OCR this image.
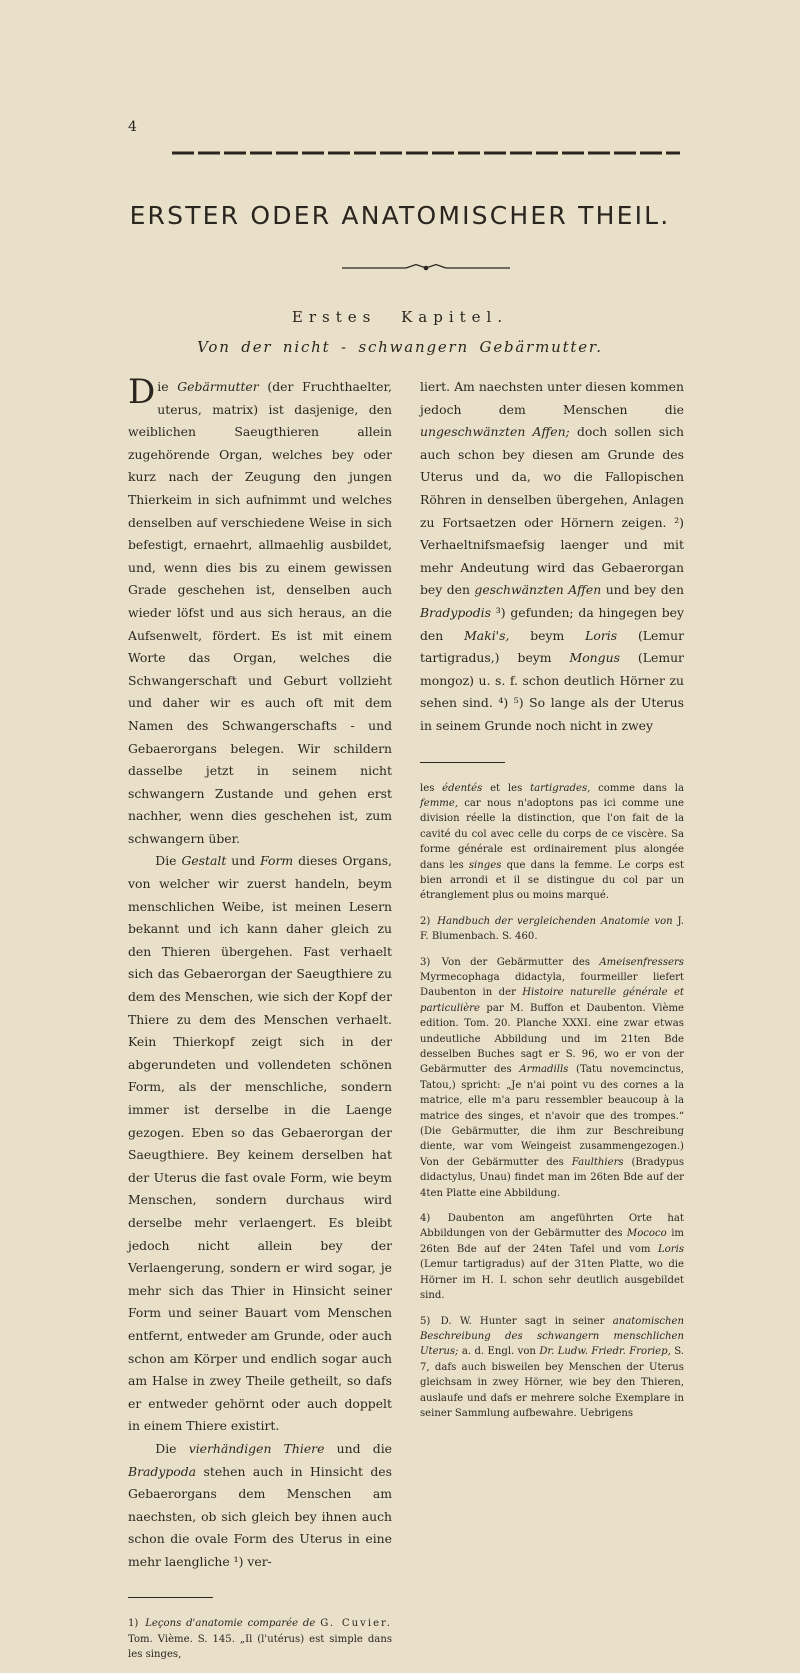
4
ERSTER ODER ANATOMISCHER THEIL.
Erstes Kapitel.
Von der nicht - schwangern Gebärmutter.

Die Gebärmutter (der Fruchthaelter, uterus, matrix) ist dasjenige, den weiblichen Saeugthieren allein zugehörende Organ, welches bey oder kurz nach der Zeugung den jungen Thierkeim in sich aufnimmt und welches denselben auf verschiedene Weise in sich befestigt, ernaehrt, allmaehlig ausbildet, und, wenn dies bis zu einem gewissen Grade geschehen ist, denselben auch wieder löfst und aus sich heraus, an die Aufsenwelt, fördert. Es ist mit einem Worte das Organ, welches die Schwangerschaft und Geburt vollzieht und daher wir es auch oft mit dem Namen des Schwangerschafts - und Gebaerorgans belegen. Wir schildern dasselbe jetzt in seinem nicht schwangern Zustande und gehen erst nachher, wenn dies geschehen ist, zum schwangern über.

Die Gestalt und Form dieses Organs, von welcher wir zuerst handeln, beym menschlichen Weibe, ist meinen Lesern bekannt und ich kann daher gleich zu den Thieren übergehen. Fast verhaelt sich das Gebaerorgan der Saeugthiere zu dem des Menschen, wie sich der Kopf der Thiere zu dem des Menschen verhaelt. Kein Thierkopf zeigt sich in der abgerundeten und vollendeten schönen Form, als der menschliche, sondern immer ist derselbe in die Laenge gezogen. Eben so das Gebaerorgan der Saeugthiere. Bey keinem derselben hat der Uterus die fast ovale Form, wie beym Menschen, sondern durchaus wird derselbe mehr verlaengert. Es bleibt jedoch nicht allein bey der Verlaengerung, sondern er wird sogar, je mehr sich das Thier in Hinsicht seiner Form und seiner Bauart vom Menschen entfernt, entweder am Grunde, oder auch schon am Körper und endlich sogar auch am Halse in zwey Theile getheilt, so dafs er entweder gehörnt oder auch doppelt in einem Thiere existirt.

Die vierhändigen Thiere und die Bradypoda stehen auch in Hinsicht des Gebaerorgans dem Menschen am naechsten, ob sich gleich bey ihnen auch schon die ovale Form des Uterus in eine mehr laengliche ¹) ver-

1) Leçons d'anatomie comparée de G. Cuvier. Tom. Vième. S. 145. „Il (l'utérus) est simple dans les singes,

liert. Am naechsten unter diesen kommen jedoch dem Menschen die ungeschwänzten Affen; doch sollen sich auch schon bey diesen am Grunde des Uterus und da, wo die Fallopischen Röhren in denselben übergehen, Anlagen zu Fortsaetzen oder Hörnern zeigen. ²) Verhaeltnifsmaefsig laenger und mit mehr Andeutung wird das Gebaerorgan bey den geschwänzten Affen und bey den Bradypodis ³) gefunden; da hingegen bey den Maki's, beym Loris (Lemur tartigradus,) beym Mongus (Lemur mongoz) u. s. f. schon deutlich Hörner zu sehen sind. ⁴) ⁵) So lange als der Uterus in seinem Grunde noch nicht in zwey

les édentés et les tartigrades, comme dans la femme, car nous n'adoptons pas ici comme une division réelle la distinction, que l'on fait de la cavité du col avec celle du corps de ce viscère. Sa forme générale est ordinairement plus alongée dans les singes que dans la femme. Le corps est bien arrondi et il se distingue du col par un étranglement plus ou moins marqué.

2) Handbuch der vergleichenden Anatomie von J. F. Blumenbach. S. 460.

3) Von der Gebärmutter des Ameisenfressers Myrmecophaga didactyla, fourmeiller liefert Daubenton in der Histoire naturelle générale et particulière par M. Buffon et Daubenton. Vième edition. Tom. 20. Planche XXXI. eine zwar etwas undeutliche Abbildung und im 21ten Bde desselben Buches sagt er S. 96, wo er von der Gebärmutter des Armadills (Tatu novemcinctus, Tatou,) spricht: „Je n'ai point vu des cornes a la matrice, elle m'a paru ressembler beaucoup à la matrice des singes, et n'avoir que des trompes.“ (Die Gebärmutter, die ihm zur Beschreibung diente, war vom Weingeist zusammengezogen.) Von der Gebärmutter des Faulthiers (Bradypus didactylus, Unau) findet man im 26ten Bde auf der 4ten Platte eine Abbildung.

4) Daubenton am angeführten Orte hat Abbildungen von der Gebärmutter des Mococo im 26ten Bde auf der 24ten Tafel und vom Loris (Lemur tartigradus) auf der 31ten Platte, wo die Hörner im H. I. schon sehr deutlich ausgebildet sind.

5) D. W. Hunter sagt in seiner anatomischen Beschreibung des schwangern menschlichen Uterus; a. d. Engl. von Dr. Ludw. Friedr. Froriep, S. 7, dafs auch bisweilen bey Menschen der Uterus gleichsam in zwey Hörner, wie bey den Thieren, auslaufe und dafs er mehrere solche Exemplare in seiner Sammlung aufbewahre. Uebrigens
